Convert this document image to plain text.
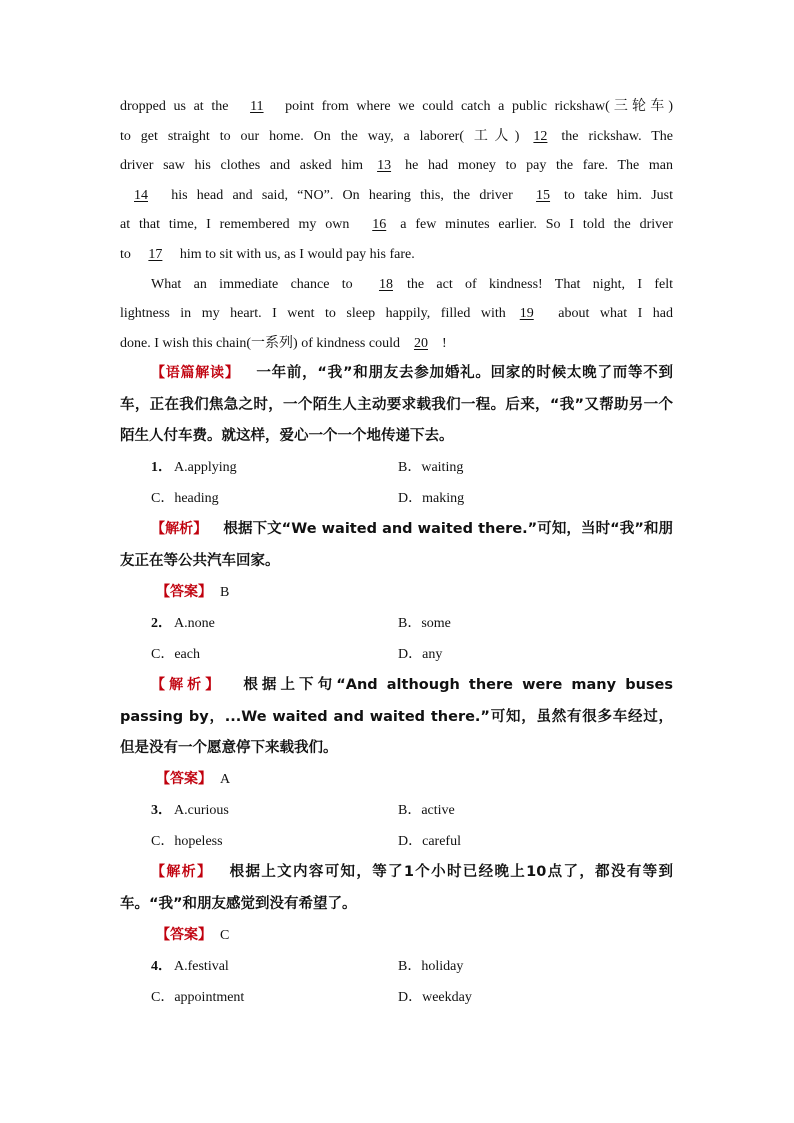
dropped us at the 11 point from where we could catch a public rickshaw(三轮车)

to get straight to our home. On the way, a laborer( 工人) 12 the rickshaw. The

driver saw his clothes and asked him 13 he had money to pay the fare. The man

14 his head and said, “NO”. On hearing this, the driver 15 to take him. Just

at that time, I remembered my own 16 a few minutes earlier. So I told the driver

to 17 him to sit with us, as I would pay his fare.

What an immediate chance to 18 the act of kindness! That night, I felt

lightness in my heart. I went to sleep happily, filled with 19 about what I had

done. I wish this chain(一系列) of kindness could 20 !

【语篇解读】 一年前，“我”和朋友去参加婚礼。回家的时候太晚了而等不到车，正在我们焦急之时，一个陌生人主动要求载我们一程。后来，“我”又帮助另一个陌生人付车费。就这样，爱心一个一个地传递下去。

1． A.applying	B．waiting
C．heading	D．making

【解析】 根据下文“We waited and waited there.”可知，当时“我”和朋友正在等公共汽车回家。

【答案】 B
2． A.none	B．some
C．each	D．any

【解析】 根据上下句“And although there were many buses passing by，...We waited and waited there.”可知，虽然有很多车经过，但是没有一个愿意停下来载我们。

【答案】 A
3． A.curious	B．active
C．hopeless	D．careful

【解析】 根据上文内容可知，等了1个小时已经晚上10点了，都没有等到车。“我”和朋友感觉到没有希望了。

【答案】 C
4． A.festival	B．holiday
C．appointment	D．weekday
